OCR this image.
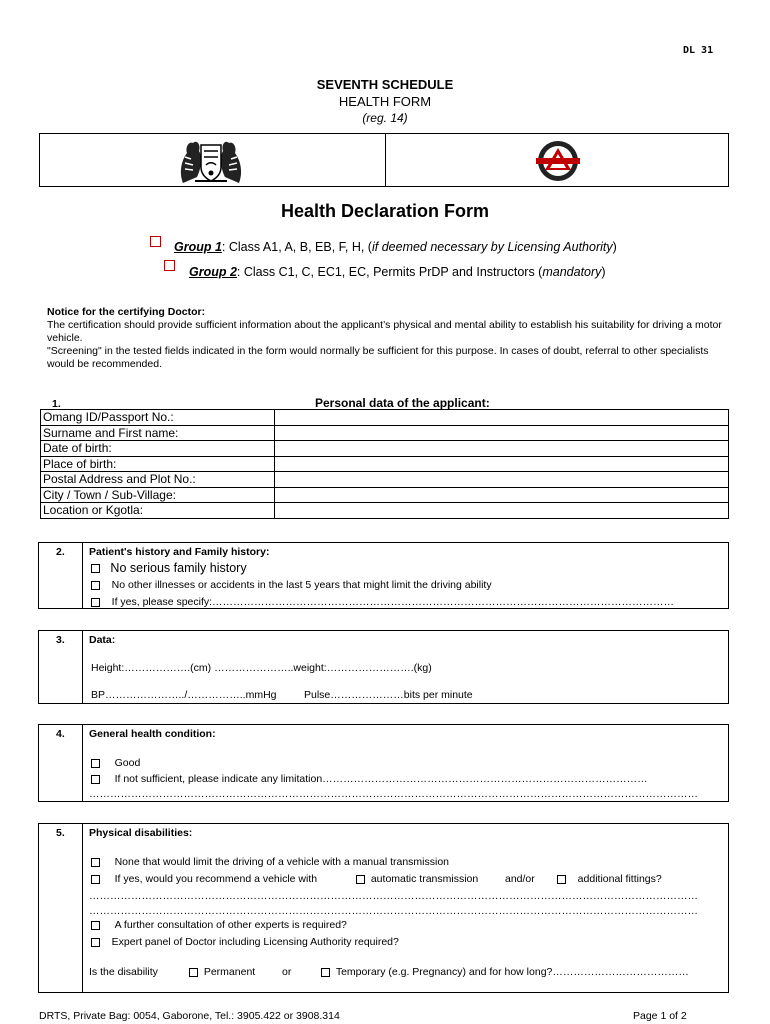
DL 31
SEVENTH SCHEDULE
HEALTH FORM
(reg. 14)
Health Declaration Form
Group 1: Class A1, A, B, EB, F, H, (if deemed necessary by Licensing Authority)
Group 2: Class C1, C, EC1, EC, Permits PrDP and Instructors (mandatory)
Notice for the certifying Doctor:
The certification should provide sufficient information about the applicant’s physical and mental ability to establish his suitability for driving a motor vehicle.
"Screening" in the tested fields indicated in the form would normally be sufficient for this purpose. In cases of doubt, referral to other specialists would be recommended.
1.	Personal data of the applicant:
Omang ID/Passport No.:	
Surname and First name:	
Date of birth:	
Place of birth:	
Postal Address and Plot No.:	
City / Town / Sub-Village:	
Location or Kgotla:	
2. Patient's history and Family history:
No serious family history
No other illnesses or accidents in the last 5 years that might limit the driving ability
If yes, please specify:……………………………………………………………………………………………………………………
3. Data:
Height:……………….(cm) …………………..weight:…………………….(kg)
BP…………………../……………..mmHg	Pulse…………………bits per minute
4. General health condition:
Good
If not sufficient, please indicate any limitation…………………………………………………………………………………
…………………………………………………………………………………………………………………………………………………………
5. Physical disabilities:
None that would limit the driving of a vehicle with a manual transmission
If yes, would you recommend a vehicle with	automatic transmission	and/or	additional fittings?
…………………………………………………………………………………………………………………………………………………………
…………………………………………………………………………………………………………………………………………………………
A further consultation of other experts is required?
Expert panel of Doctor including Licensing Authority required?
Is the disability	Permanent	or	Temporary (e.g. Pregnancy) and for how long?…………………………………
DRTS, Private Bag: 0054, Gaborone, Tel.: 3905.422 or 3908.314	Page 1 of 2
